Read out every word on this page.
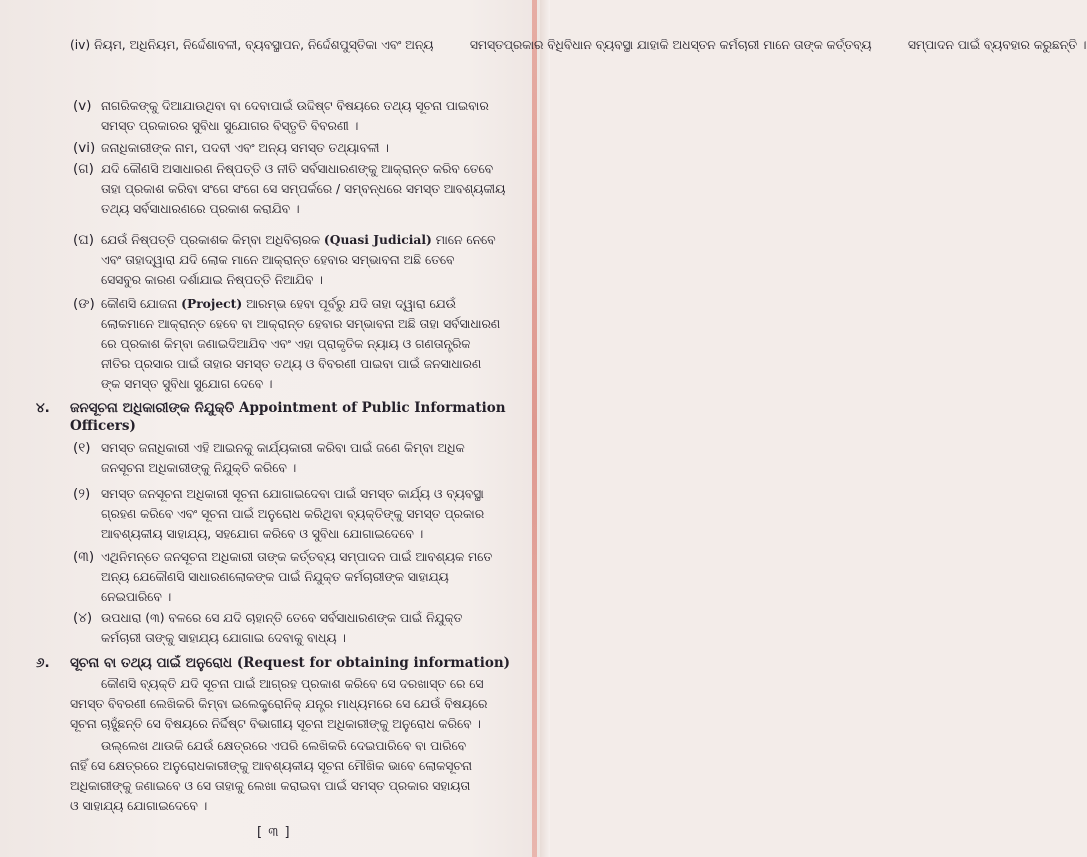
(iv) ନିୟମ, ଅଧିନିୟମ, ନିର୍ଦ୍ଦେଶାବଳୀ, ବ୍ୟବସ୍ଥାପନ, ନିର୍ଦ୍ଦେଶପୁସ୍ତିକା ଏବଂ ଅନ୍ୟ	ସମସ୍ତପ୍ରକାର ବିଧିବିଧାନ ବ୍ୟବସ୍ଥା ଯାହାକି ଅଧସ୍ତନ କର୍ମଚାରୀ ମାନେ ତାଙ୍କ କର୍ତ୍ତବ୍ୟ	ସମ୍ପାଦନ ପାଇଁ ବ୍ୟବହାର କରୁଛନ୍ତି ।
(v) ନାଗରିକଙ୍କୁ ଦିଆଯାଉଥିବା ବା ଦେବାପାଇଁ ଉଦ୍ଦିଷ୍ଟ ବିଷୟରେ ତଥ୍ୟ ସୂଚନା ପାଇବାର
ସମସ୍ତ ପ୍ରକାରର ସୁବିଧା ସୁଯୋଗର ବିସ୍ତୃତି ବିବରଣୀ ।
(vi) ଜନାଧିକାରୀଙ୍କ ନାମ, ପଦବୀ ଏବଂ ଅନ୍ୟ ସମସ୍ତ ତଥ୍ୟାବଳୀ ।
(ଗ) ଯଦି କୌଣସି ଅସାଧାରଣ ନିଷ୍ପତ୍ତି ଓ ନୀତି ସର୍ବସାଧାରଣଙ୍କୁ ଆକ୍ରାନ୍ତ କରିବ ତେବେ
ତାହା ପ୍ରକାଶ କରିବା ସଂଗେ ସଂଗେ ସେ ସମ୍ପର୍କରେ / ସମ୍ବନ୍ଧରେ ସମସ୍ତ ଆବଶ୍ୟକୀୟ
ତଥ୍ୟ ସର୍ବସାଧାରଣରେ ପ୍ରକାଶ କରାଯିବ ।
(ଘ) ଯେଉଁ ନିଷ୍ପତ୍ତି ପ୍ରକାଶକ କିମ୍ବା ଅଧିବିଚାରକ (Quasi Judicial) ମାନେ ନେବେ
ଏବଂ ତାହାଦ୍ୱାରା ଯଦି ଲୋକ ମାନେ ଆକ୍ରାନ୍ତ ହେବାର ସମ୍ଭାବନା ଅଛି ତେବେ
ସେସବୁର କାରଣ ଦର୍ଶାଯାଇ ନିଷ୍ପତ୍ତି ନିଆଯିବ ।
(ଙ) କୌଣସି ଯୋଜନା (Project) ଆରମ୍ଭ ହେବା ପୂର୍ବରୁ ଯଦି ତାହା ଦ୍ୱାରା ଯେଉଁ
ଲୋକମାନେ ଆକ୍ରାନ୍ତ ହେବେ ବା ଆକ୍ରାନ୍ତ ହେବାର ସମ୍ଭାବନା ଅଛି ତାହା ସର୍ବସାଧାରଣ
ରେ ପ୍ରକାଶ କିମ୍ବା ଜଣାଇଦିଆଯିବ ଏବଂ ଏହା ପ୍ରାକୃତିକ ନ୍ୟାୟ ଓ ଗଣତାନ୍ତ୍ରିକ
ନୀତିର ପ୍ରସାର ପାଇଁ ତାହାର ସମସ୍ତ ତଥ୍ୟ ଓ ବିବରଣୀ ପାଇବା ପାଇଁ ଜନସାଧାରଣ
ଙ୍କ ସମସ୍ତ ସୁବିଧା ସୁଯୋଗ ଦେବେ ।
୪. ଜନସୂଚନା ଅଧିକାରୀଙ୍କ ନିଯୁକ୍ତି Appointment of Public Information
Officers)
(୧) ସମସ୍ତ ଜନାଧିକାରୀ ଏହି ଆଇନକୁ କାର୍ଯ୍ୟକାରୀ କରିବା ପାଇଁ ଜଣେ କିମ୍ବା ଅଧିକ
ଜନସୂଚନା ଅଧିକାରୀଙ୍କୁ ନିଯୁକ୍ତି କରିବେ ।
(୨) ସମସ୍ତ ଜନସୂଚନା ଅଧିକାରୀ ସୂଚନା ଯୋଗାଇଦେବା ପାଇଁ ସମସ୍ତ କାର୍ଯ୍ୟ ଓ ବ୍ୟବସ୍ଥା
ଗ୍ରହଣ କରିବେ ଏବଂ ସୂଚନା ପାଇଁ ଅନୁରୋଧ କରିଥିବା ବ୍ୟକ୍ତିଙ୍କୁ ସମସ୍ତ ପ୍ରକାର
ଆବଶ୍ୟକୀୟ ସାହାଯ୍ୟ, ସହଯୋଗ କରିବେ ଓ ସୁବିଧା ଯୋଗାଇଦେବେ ।
(୩) ଏଥିନିମନ୍ତେ ଜନସୂଚନା ଅଧିକାରୀ ତାଙ୍କ କର୍ତ୍ତବ୍ୟ ସମ୍ପାଦନ ପାଇଁ ଆବଶ୍ୟକ ମତେ
ଅନ୍ୟ ଯେକୌଣସି ସାଧାରଣଲୋକଙ୍କ ପାଇଁ ନିଯୁକ୍ତ କର୍ମଚାରୀଙ୍କ ସାହାଯ୍ୟ
ନେଇପାରିବେ ।
(୪) ଉପଧାରା (୩) ବଳରେ ସେ ଯଦି ଚାହାନ୍ତି ତେବେ ସର୍ବସାଧାରଣଙ୍କ ପାଇଁ ନିଯୁକ୍ତ
କର୍ମଚାରୀ ତାଙ୍କୁ ସାହାଯ୍ୟ ଯୋଗାଇ ଦେବାକୁ ବାଧ୍ୟ ।
୬. ସୂଚନା ବା ତଥ୍ୟ ପାଇଁ ଅନୁରୋଧ (Request for obtaining information)
କୌଣସି ବ୍ୟକ୍ତି ଯଦି ସୂଚନା ପାଇଁ ଆଗ୍ରହ ପ୍ରକାଶ କରିବେ ସେ ଦରଖାସ୍ତ ରେ ସେ
ସମସ୍ତ ବିବରଣୀ ଲେଖିକରି କିମ୍ବା ଇଲେକ୍ଟ୍ରୋନିକ୍ ଯନ୍ତ୍ର ମାଧ୍ୟମରେ ସେ ଯେଉଁ ବିଷୟରେ
ସୂଚନା ଚାହୁଁଛନ୍ତି ସେ ବିଷୟରେ ନିର୍ଦ୍ଦିଷ୍ଟ ବିଭାଗୀୟ ସୂଚନା ଅଧିକାରୀଙ୍କୁ ଅନୁରୋଧ କରିବେ ।
ଉଲ୍ଲେଖ ଥାଉକି ଯେଉଁ କ୍ଷେତ୍ରରେ ଏପରି ଲେଖିକରି ଦେଇପାରିବେ ବା ପାରିବେ
ନାହିଁ ସେ କ୍ଷେତ୍ରରେ ଅନୁରୋଧକାରୀଙ୍କୁ ଆବଶ୍ୟକୀୟ ସୂଚନା ମୌଖିକ ଭାବେ ଲୋକସୂଚନା
ଅଧିକାରୀଙ୍କୁ ଜଣାଇବେ ଓ ସେ ତାହାକୁ ଲେଖା କରାଇବା ପାଇଁ ସମସ୍ତ ପ୍ରକାର ସହାୟତା
ଓ ସାହାଯ୍ୟ ଯୋଗାଇଦେବେ ।
[ ୩ ]
